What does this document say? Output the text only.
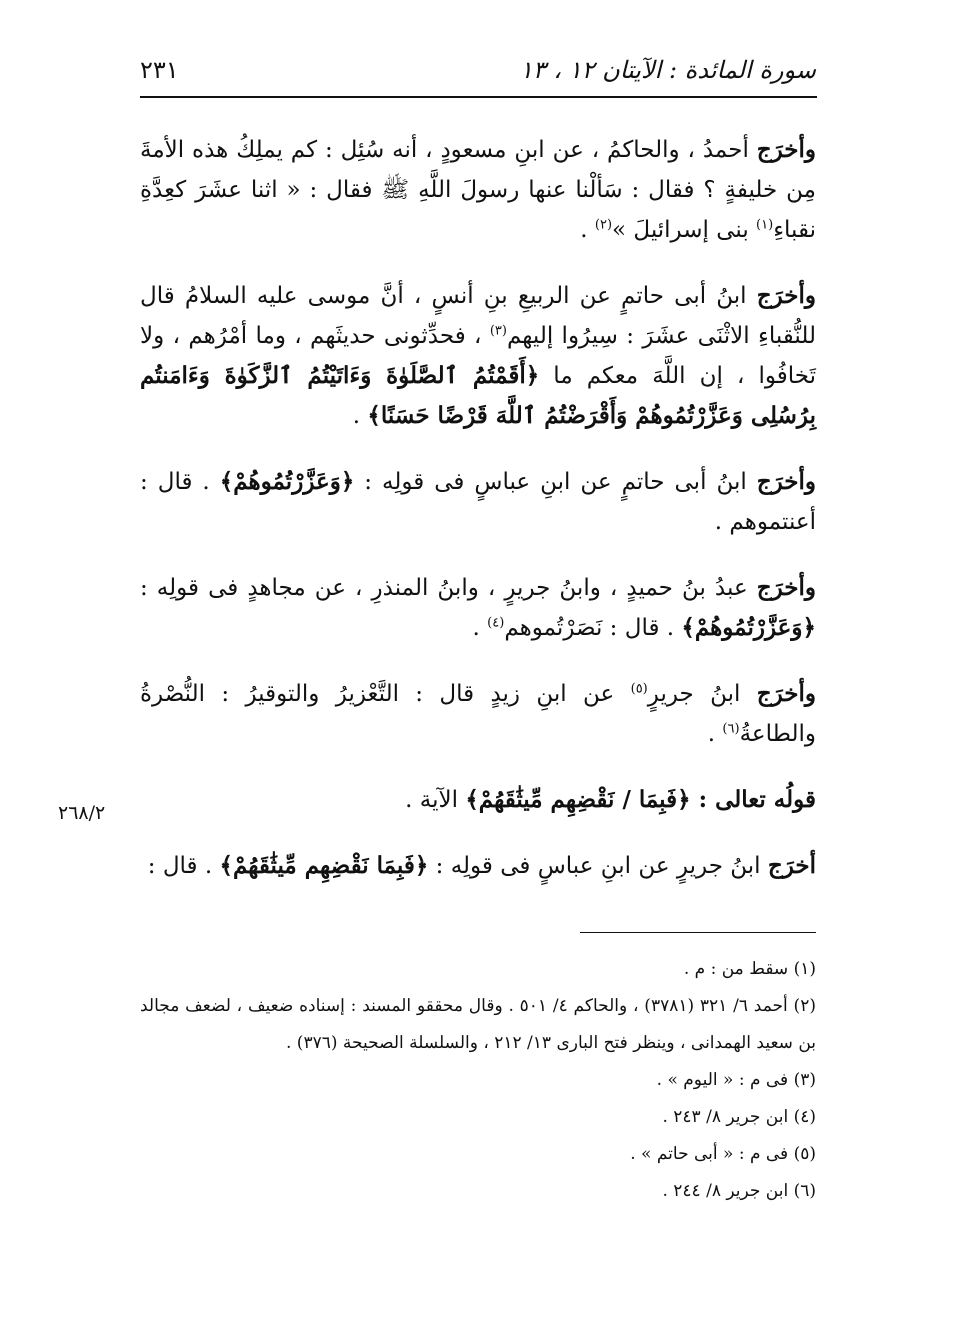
سورة المائدة : الآيتان ١٢ ، ١٣
٢٣١
٢٦٨/٢

وأخرَج أحمدُ ، والحاكمُ ، عن ابنِ مسعودٍ ، أنه سُئِل : كم يملِكُ هذه الأمةَ مِن خليفةٍ ؟ فقال : سَألْنا عنها رسولَ اللَّهِ ﷺ فقال : « اثنا عشَرَ كعِدَّةِ نقباءِ$^{(١)}$ بنى إسرائيلَ »$^{(٢)}$ .

وأخرَج ابنُ أبى حاتمٍ عن الربيعِ بنِ أنسٍ ، أنَّ موسى عليه السلامُ قال للنُّقباءِ الاثْنَى عشَرَ : سِيرُوا إليهم$^{(٣)}$ ، فحدِّثونى حديثَهم ، وما أمْرُهم ، ولا تَخافُوا ، إن اللَّهَ معكم ما ﴿أَقَمْتُمُ ٱلصَّلَوٰةَ وَءَاتَيْتُمُ ٱلزَّكَوٰةَ وَءَامَنتُم بِرُسُلِى وَعَزَّرْتُمُوهُمْ وَأَقْرَضْتُمُ ٱللَّهَ قَرْضًا حَسَنًا﴾ .

وأخرَج ابنُ أبى حاتمٍ عن ابنِ عباسٍ فى قولِه : ﴿وَعَزَّرْتُمُوهُمْ﴾ . قال : أعنتموهم .

وأخرَج عبدُ بنُ حميدٍ ، وابنُ جريرٍ ، وابنُ المنذرِ ، عن مجاهدٍ فى قولِه : ﴿وَعَزَّرْتُمُوهُمْ﴾ . قال : نَصَرْتُموهم$^{(٤)}$ .

وأخرَج ابنُ جريرٍ$^{(٥)}$ عن ابنِ زيدٍ قال : التَّعْزيرُ والتوقيرُ : النُّصْرةُ والطاعةُ$^{(٦)}$ .

قولُه تعالى : ﴿فَبِمَا / نَقْضِهِم مِّيثَٰقَهُمْ﴾ الآية .

أخرَج ابنُ جريرٍ عن ابنِ عباسٍ فى قولِه : ﴿فَبِمَا نَقْضِهِم مِّيثَٰقَهُمْ﴾ . قال :

(١) سقط من : م .

(٢) أحمد ٦/ ٣٢١ (٣٧٨١) ، والحاكم ٤/ ٥٠١ . وقال محققو المسند : إسناده ضعيف ، لضعف مجالد بن سعيد الهمدانى ، وينظر فتح البارى ١٣/ ٢١٢ ، والسلسلة الصحيحة (٣٧٦) .

(٣) فى م : « اليوم » .

(٤) ابن جرير ٨/ ٢٤٣ .

(٥) فى م : « أبى حاتم » .

(٦) ابن جرير ٨/ ٢٤٤ .
